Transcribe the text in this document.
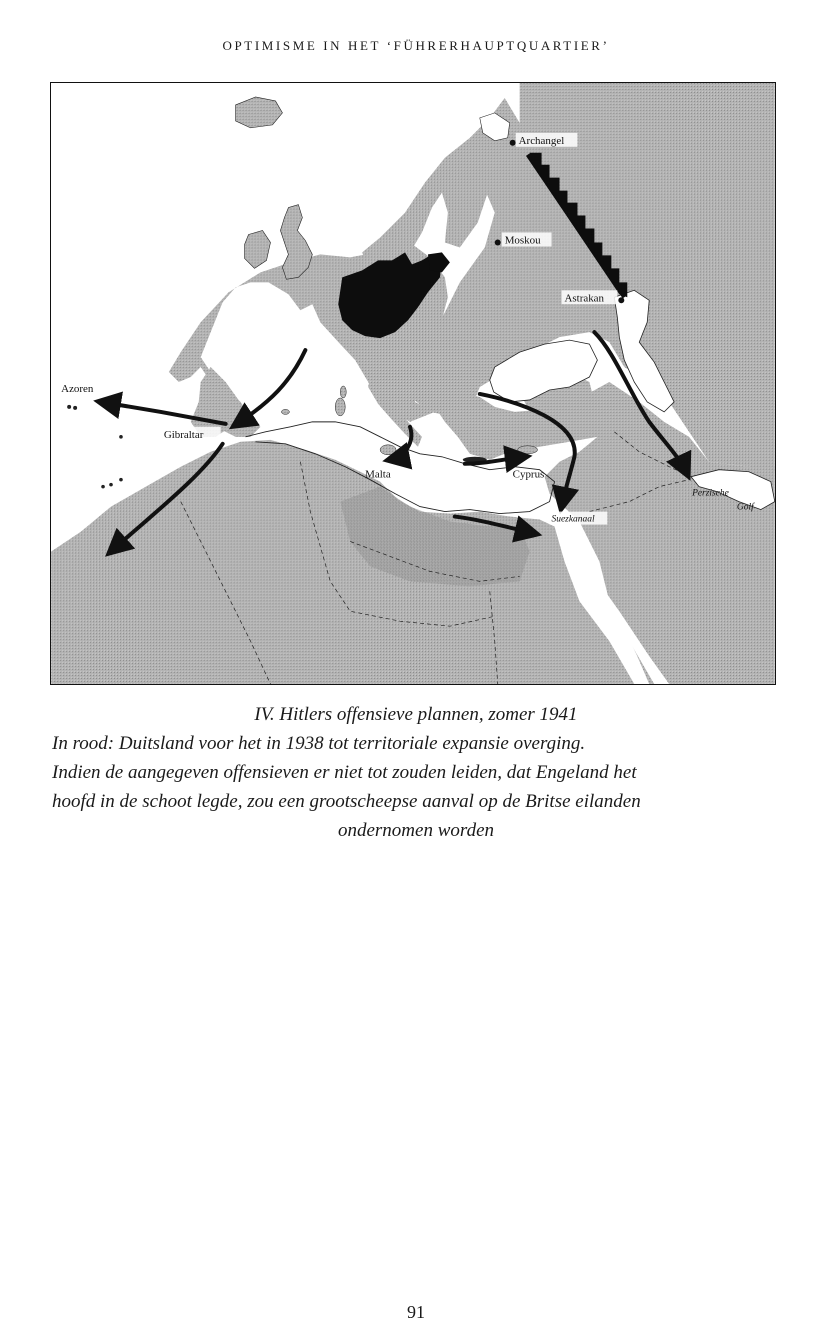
OPTIMISME IN HET ‘FÜHRERHAUPTQUARTIER’
Archangel
Moskou
Astrakan
Azoren
Gibraltar
Malta	Cyprus
Suezkanaal
Perzische
Golf
IV. Hitlers offensieve plannen, zomer 1941
In rood: Duitsland voor het in 1938 tot territoriale expansie overging.
Indien de aangegeven offensieven er niet tot zouden leiden, dat Engeland het
hoofd in de schoot legde, zou een grootscheepse aanval op de Britse eilanden
ondernomen worden
91
